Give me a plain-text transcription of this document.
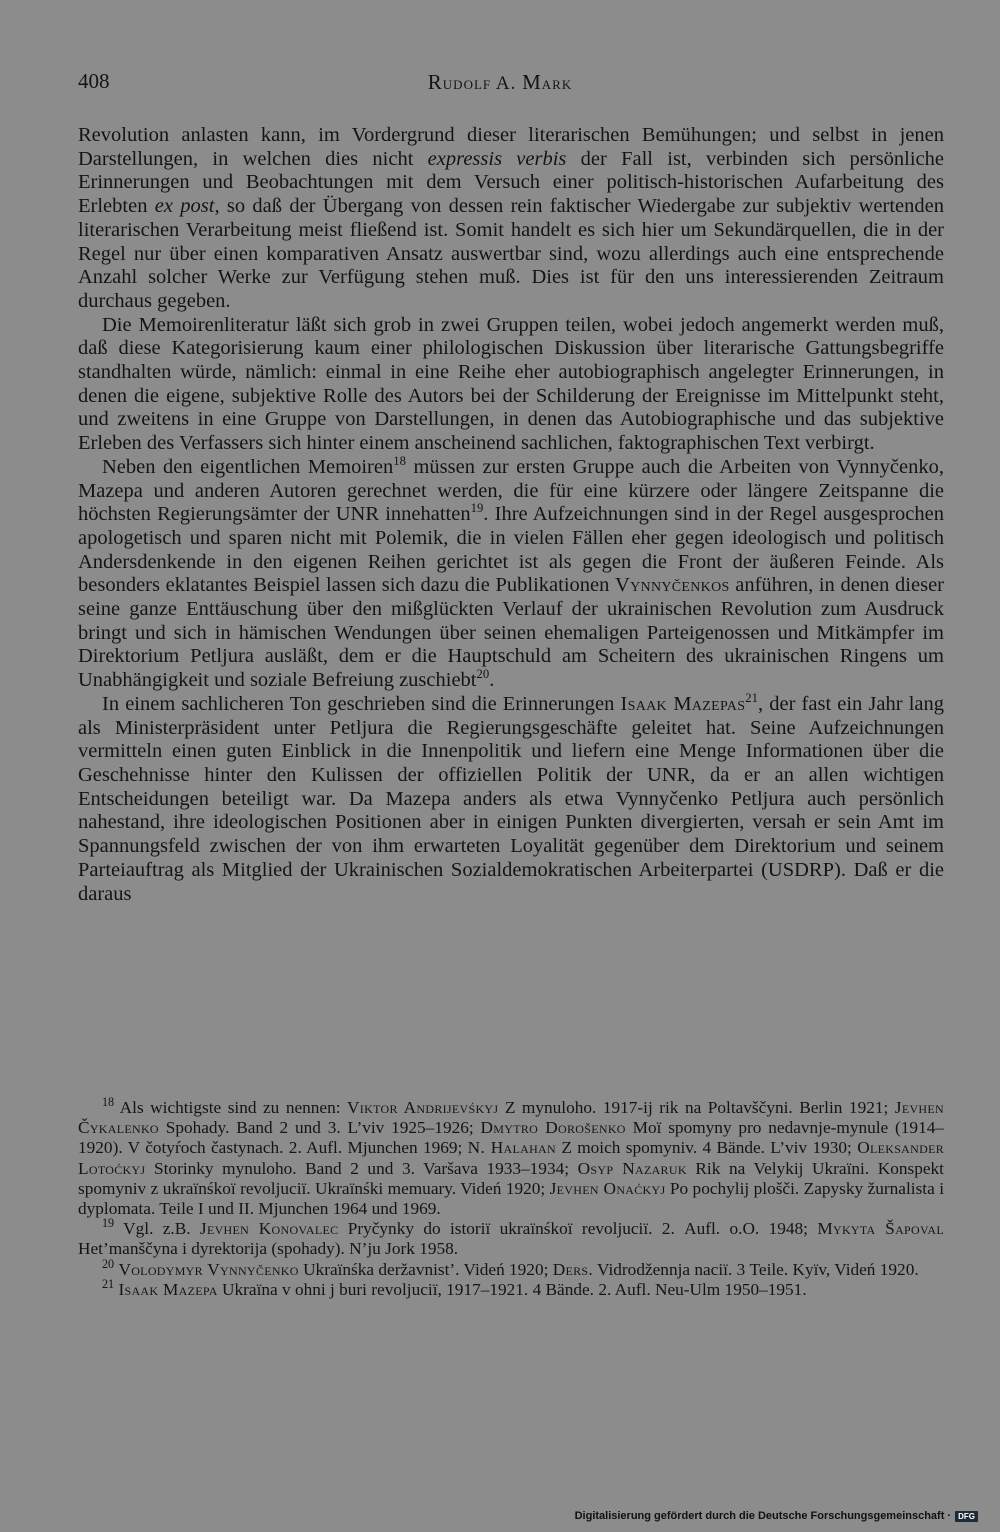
408	Rudolf A. Mark

Revolution anlasten kann, im Vordergrund dieser literarischen Bemühungen; und selbst in jenen Darstellungen, in welchen dies nicht expressis verbis der Fall ist, verbinden sich persönliche Erinnerungen und Beobachtungen mit dem Versuch einer politisch-historischen Aufarbeitung des Erlebten ex post, so daß der Übergang von dessen rein faktischer Wiedergabe zur subjektiv wertenden literarischen Verarbeitung meist fließend ist. Somit handelt es sich hier um Sekundärquellen, die in der Regel nur über einen komparativen Ansatz auswertbar sind, wozu allerdings auch eine entsprechende Anzahl solcher Werke zur Verfügung stehen muß. Dies ist für den uns interessierenden Zeitraum durchaus gegeben.

Die Memoirenliteratur läßt sich grob in zwei Gruppen teilen, wobei jedoch angemerkt werden muß, daß diese Kategorisierung kaum einer philologischen Diskussion über literarische Gattungsbegriffe standhalten würde, nämlich: einmal in eine Reihe eher autobiographisch angelegter Erinnerungen, in denen die eigene, subjektive Rolle des Autors bei der Schilderung der Ereignisse im Mittelpunkt steht, und zweitens in eine Gruppe von Darstellungen, in denen das Autobiographische und das subjektive Erleben des Verfassers sich hinter einem anscheinend sachlichen, faktographischen Text verbirgt.

Neben den eigentlichen Memoiren$^{18}$ müssen zur ersten Gruppe auch die Arbeiten von Vynnyčenko, Mazepa und anderen Autoren gerechnet werden, die für eine kürzere oder längere Zeitspanne die höchsten Regierungsämter der UNR innehatten$^{19}$. Ihre Aufzeichnungen sind in der Regel ausgesprochen apologetisch und sparen nicht mit Polemik, die in vielen Fällen eher gegen ideologisch und politisch Andersdenkende in den eigenen Reihen gerichtet ist als gegen die Front der äußeren Feinde. Als besonders eklatantes Beispiel lassen sich dazu die Publikationen Vynnyčenkos anführen, in denen dieser seine ganze Enttäuschung über den mißglückten Verlauf der ukrainischen Revolution zum Ausdruck bringt und sich in hämischen Wendungen über seinen ehemaligen Parteigenossen und Mitkämpfer im Direktorium Petljura ausläßt, dem er die Hauptschuld am Scheitern des ukrainischen Ringens um Unabhängigkeit und soziale Befreiung zuschiebt$^{20}$.

In einem sachlicheren Ton geschrieben sind die Erinnerungen Isaak Mazepas$^{21}$, der fast ein Jahr lang als Ministerpräsident unter Petljura die Regierungsgeschäfte geleitet hat. Seine Aufzeichnungen vermitteln einen guten Einblick in die Innenpolitik und liefern eine Menge Informationen über die Geschehnisse hinter den Kulissen der offiziellen Politik der UNR, da er an allen wichtigen Entscheidungen beteiligt war. Da Mazepa anders als etwa Vynnyčenko Petljura auch persönlich nahestand, ihre ideologischen Positionen aber in einigen Punkten divergierten, versah er sein Amt im Spannungsfeld zwischen der von ihm erwarteten Loyalität gegenüber dem Direktorium und seinem Parteiauftrag als Mitglied der Ukrainischen Sozialdemokratischen Arbeiterpartei (USDRP). Daß er die daraus

$^{18}$ Als wichtigste sind zu nennen: Viktor Andrijevśkyj Z mynuloho. 1917-ij rik na Poltavščyni. Berlin 1921; Jevhen Čykalenko Spohady. Band 2 und 3. L’viv 1925–1926; Dmytro Dorošenko Moї spomyny pro nedavnje-mynule (1914–1920). V čotyŕoch častynach. 2. Aufl. Mjunchen 1969; N. Halahan Z moich spomyniv. 4 Bände. L’viv 1930; Oleksander Lotoćkyj Storinky mynuloho. Band 2 und 3. Varšava 1933–1934; Osyp Nazaruk Rik na Velykij Ukraїni. Konspekt spomyniv z ukraїnśkoї revoljuciї. Ukraїnśki memuary. Videń 1920; Jevhen Onaćkyj Po pochylij plošči. Zapysky žurnalista i dyplomata. Teile I und II. Mjunchen 1964 und 1969.

$^{19}$ Vgl. z.B. Jevhen Konovalec Pryčynky do istoriї ukraїnśkoї revoljuciї. 2. Aufl. o.O. 1948; Mykyta Šapoval Het’manščyna i dyrektorija (spohady). N’ju Jork 1958.

$^{20}$ Volodymyr Vynnyčenko Ukraїnśka deržavnist’. Videń 1920; Ders. Vidrodžennja naciї. 3 Teile. Kyїv, Videń 1920.

$^{21}$ Isaak Mazepa Ukraїna v ohni j buri revoljuciї, 1917–1921. 4 Bände. 2. Aufl. Neu-Ulm 1950–1951.

Digitalisierung gefördert durch die Deutsche Forschungsgemeinschaft · DFG
